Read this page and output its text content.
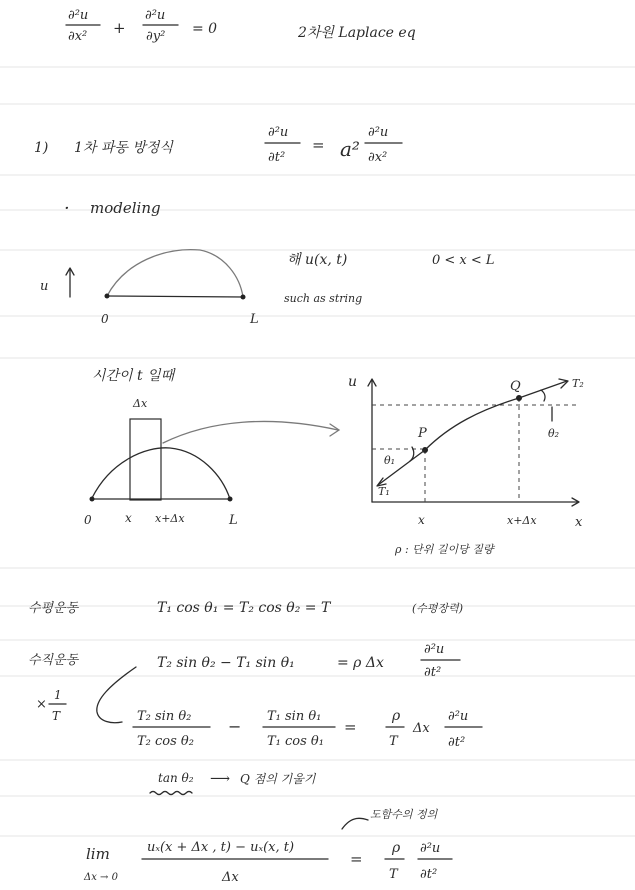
∂²u
∂x² +
∂²u
∂y² = 0	2차원 Laplace eq
1) 1차 파동 방정식
∂²u
∂t²
= a²
∂²u
∂x²
· modeling
u
0	L
해 u(x, t)	0 < x < L
such as string
시간이 t 일때
Δx
0	x x+Δx	L
u
x
P
Q
T₁
T₂
θ₁
θ₂
x	x+Δx
ρ : 단위 길이당 질량
수평운동	T₁ cos θ₁ = T₂ cos θ₂ = T	(수평장력)
수직운동	T₂ sin θ₂ − T₁ sin θ₁	= ρ Δx
∂²u
∂t²
×
1
T	T₂ sin θ₂
T₂ cos θ₂
−
T₁ sin θ₁
T₁ cos θ₁
=
ρ
T
Δx
∂²u
∂t²
tan θ₂ ⟶ Q 점의 기울기
lim
Δx → 0
uₓ(x + Δx , t) − uₓ(x, t)
Δx
도함수의 정의
=
ρ
T
∂²u
∂t²
